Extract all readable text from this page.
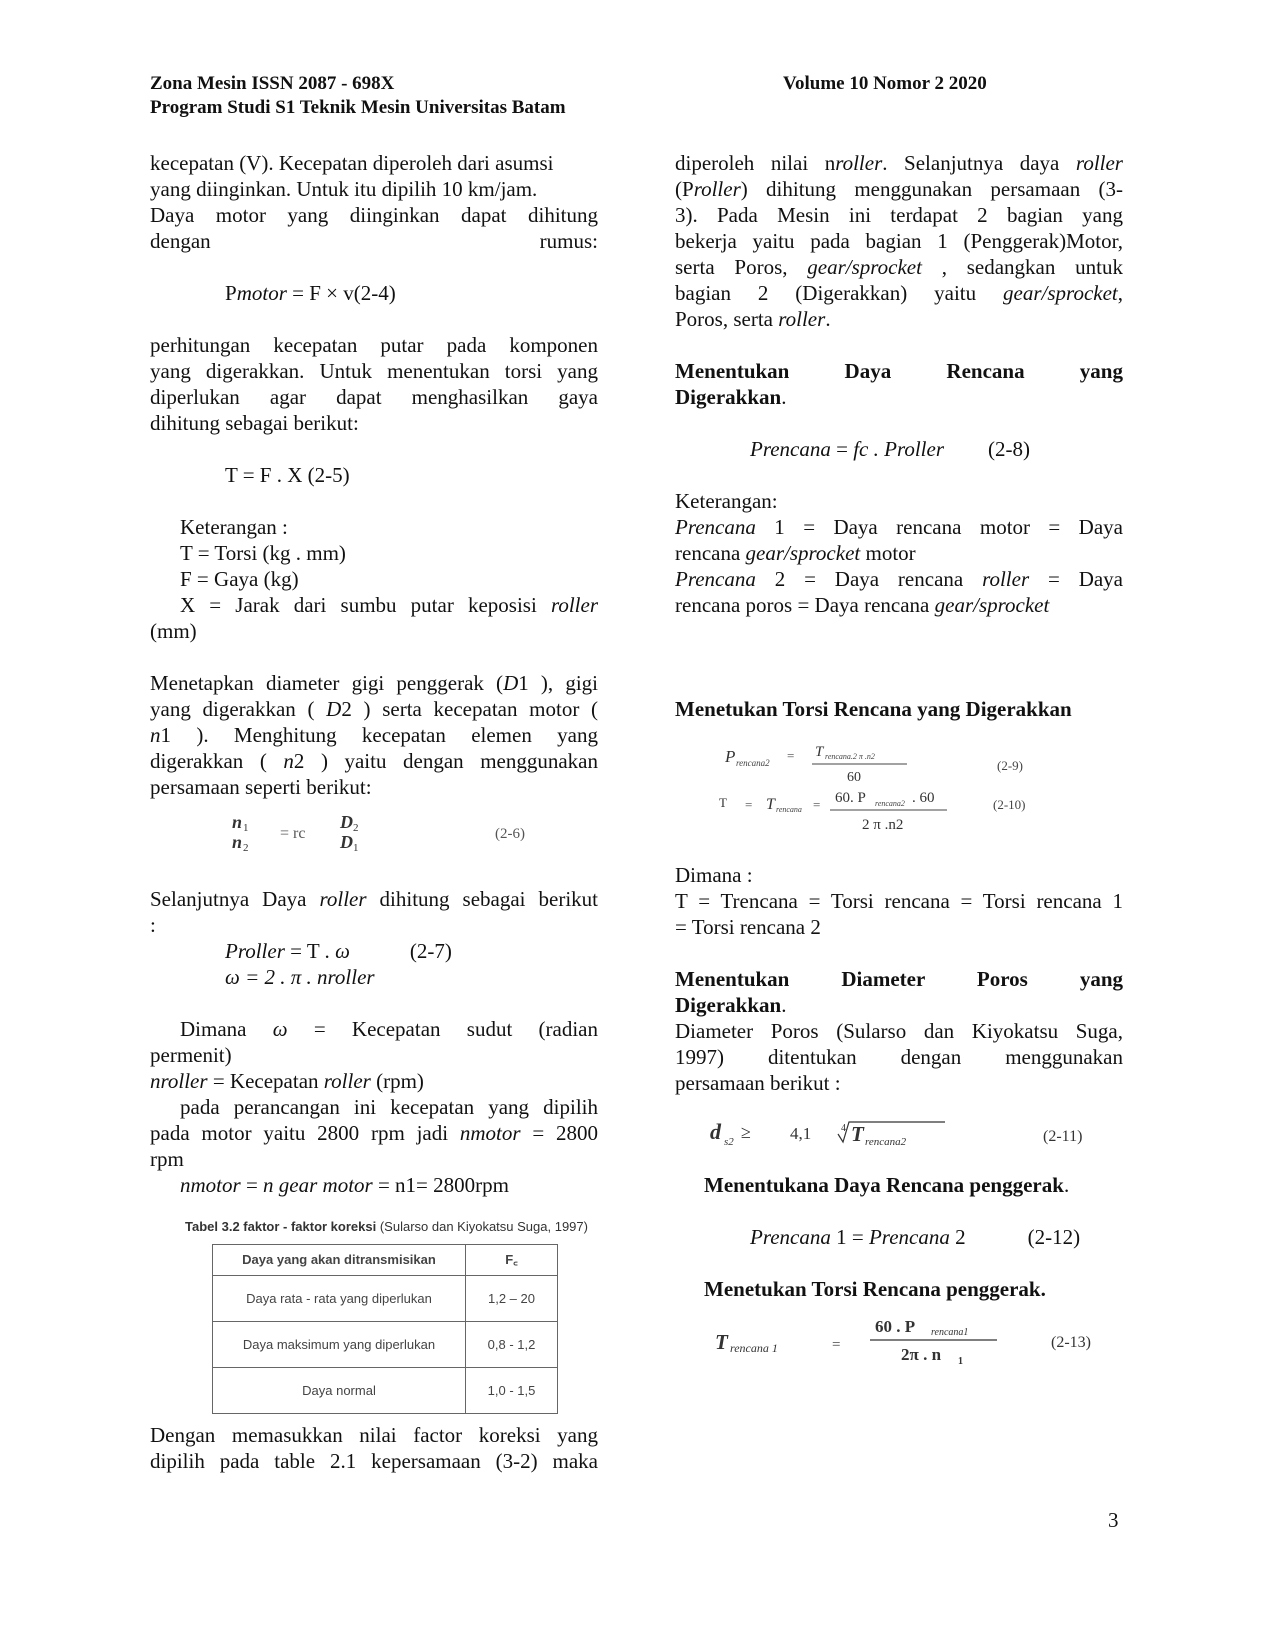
Zona Mesin ISSN 2087 - 698X
Program Studi S1 Teknik Mesin Universitas Batam
Volume 10 Nomor 2 2020

kecepatan (V). Kecepatan diperoleh dari asumsi

yang diinginkan. Untuk itu dipilih 10 km/jam.

Daya motor yang diinginkan dapat dihitung

dengan rumus:

Pmotor = F × v(2-4)

perhitungan kecepatan putar pada komponen

yang digerakkan. Untuk menentukan torsi yang

diperlukan agar dapat menghasilkan gaya

dihitung sebagai berikut:

T = F . X (2-5)

Keterangan :

T = Torsi (kg . mm)

F = Gaya (kg)

X = Jarak dari sumbu putar keposisi roller

(mm)

Menetapkan diameter gigi penggerak (D1 ), gigi

yang digerakkan ( D2 ) serta kecepatan motor (

n1 ). Menghitung kecepatan elemen yang

digerakkan ( n2 ) yaitu dengan menggunakan

persamaan seperti berikut:

n 1
n 2
= rc
D 2
D 1
(2-6)

Selanjutnya Daya roller dihitung sebagai berikut

:

Proller = T . ω	(2-7)

ω = 2 . π . nroller

Dimana ω = Kecepatan sudut (radian

permenit)

nroller = Kecepatan roller (rpm)

pada perancangan ini kecepatan yang dipilih

pada motor yaitu 2800 rpm jadi nmotor = 2800

rpm

nmotor = n gear motor = n1= 2800rpm

Tabel 3.2 faktor - faktor koreksi (Sularso dan Kiyokatsu Suga, 1997)
Daya yang akan ditransmisikan	F꜀
Daya rata - rata yang diperlukan	1,2 – 20
Daya maksimum yang diperlukan	0,8 - 1,2
Daya normal	1,0 - 1,5

Dengan memasukkan nilai factor koreksi yang

dipilih pada table 2.1 kepersamaan (3-2) maka

diperoleh nilai nroller. Selanjutnya daya roller

(Proller) dihitung menggunakan persamaan (3-

3). Pada Mesin ini terdapat 2 bagian yang

bekerja yaitu pada bagian 1 (Penggerak)Motor,

serta Poros, gear/sprocket , sedangkan untuk

bagian 2 (Digerakkan) yaitu gear/sprocket,

Poros, serta roller.

Menentukan Daya Rencana yang

Digerakkan.

Prencana = fc . Proller (2-8)

Keterangan:

Prencana 1 = Daya rencana motor = Daya

rencana gear/sprocket motor

Prencana 2 = Daya rencana roller = Daya

rencana poros = Daya rencana gear/sprocket

Menetukan Torsi Rencana yang Digerakkan

P rencana2 = T rencana.2 π .n2
60
(2-9)
T = T rencana = 60. P rencana2 . 60
2 π .n2
(2-10)

Dimana :

T = Trencana = Torsi rencana = Torsi rencana 1

= Torsi rencana 2

Menentukan Diameter Poros yang

Digerakkan.

Diameter Poros (Sularso dan Kiyokatsu Suga,

1997) ditentukan dengan menggunakan

persamaan berikut :

d s2 ≥ 4,1	4 T rencana2	(2-11)

Menentukana Daya Rencana penggerak.

Prencana 1 = Prencana 2	(2-12)

Menetukan Torsi Rencana penggerak.

T rencana 1	=
60 . P rencana1
2π . n 1
(2-13)
3
